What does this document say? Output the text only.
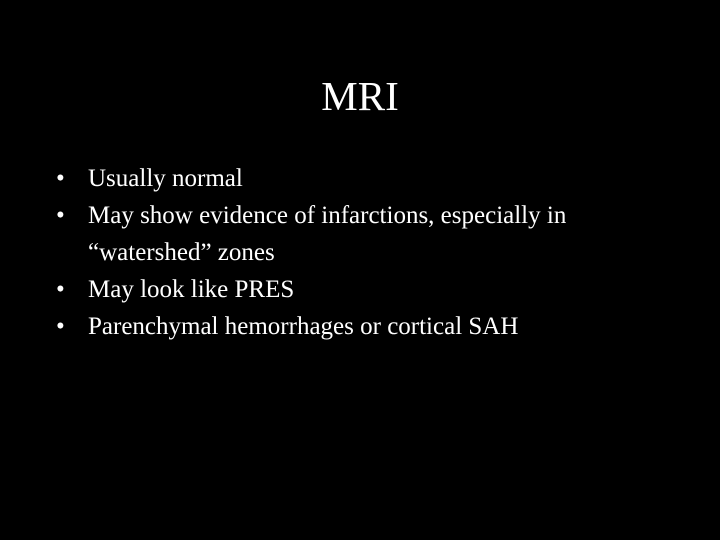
MRI
• Usually normal
• May show evidence of infarctions, especially in “watershed” zones
• May look like PRES
• Parenchymal hemorrhages or cortical SAH
